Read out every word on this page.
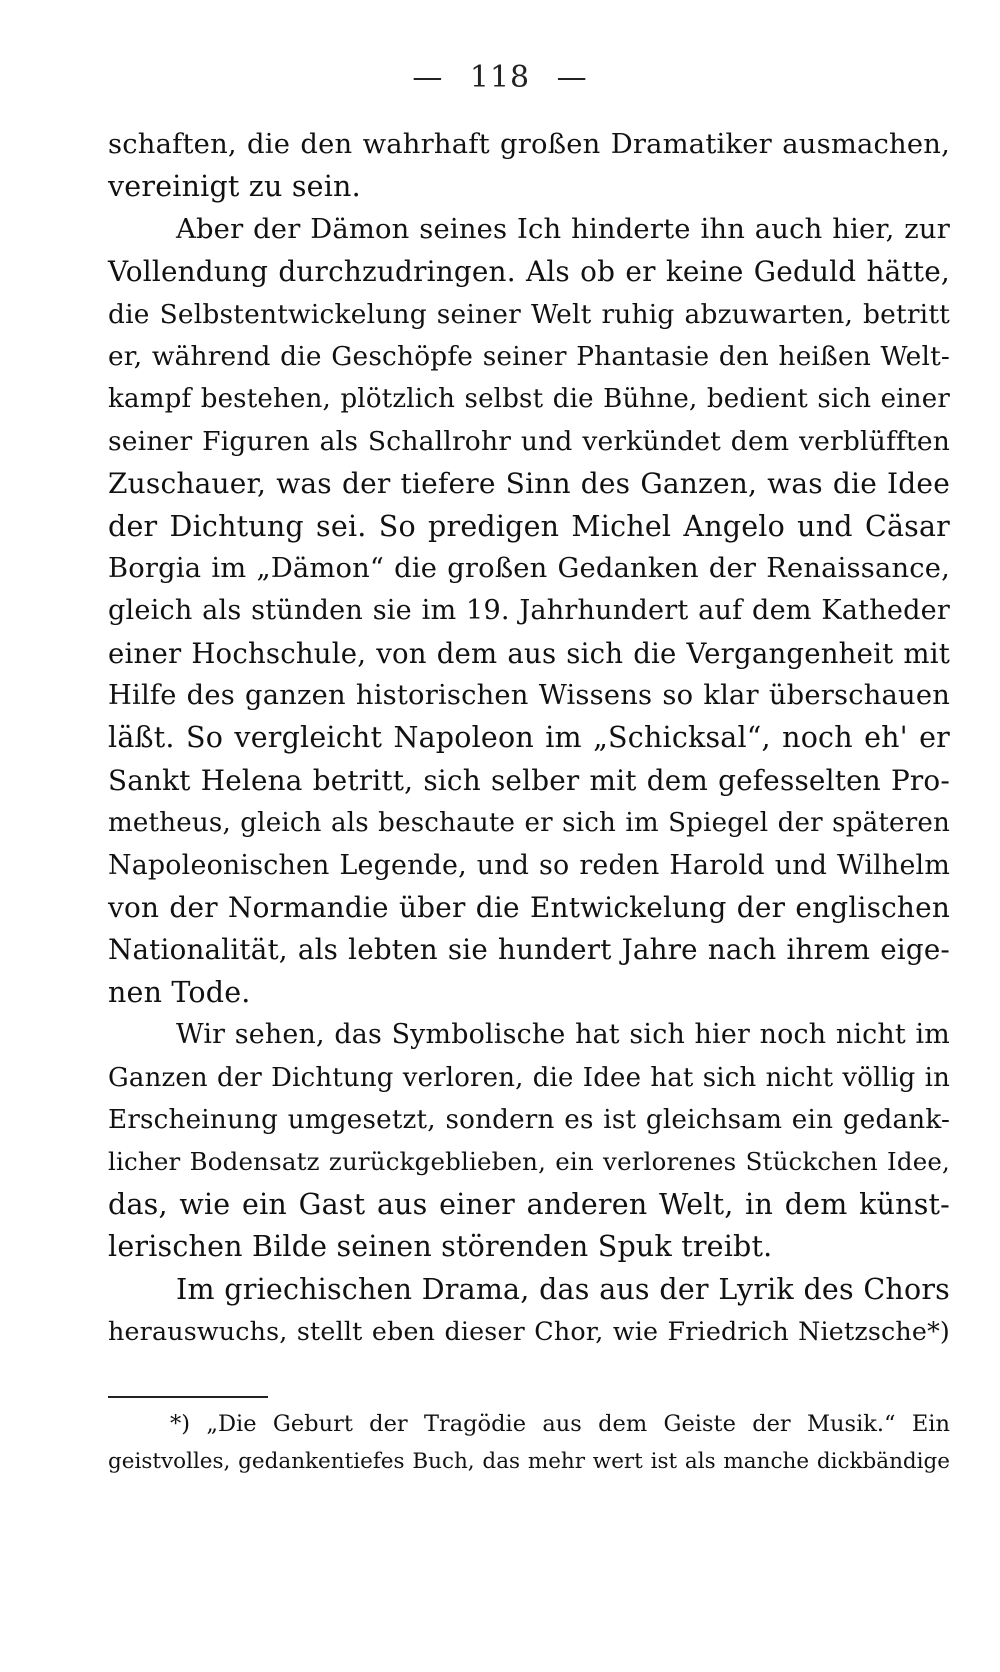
— 118 —
schaften, die den wahrhaft großen Dramatiker ausmachen,
vereinigt zu sein.
Aber der Dämon seines Ich hinderte ihn auch hier, zur
Vollendung durchzudringen. Als ob er keine Geduld hätte,
die Selbstentwickelung seiner Welt ruhig abzuwarten, betritt
er, während die Geschöpfe seiner Phantasie den heißen Welt-
kampf bestehen, plötzlich selbst die Bühne, bedient sich einer
seiner Figuren als Schallrohr und verkündet dem verblüfften
Zuschauer, was der tiefere Sinn des Ganzen, was die Idee
der Dichtung sei. So predigen Michel Angelo und Cäsar
Borgia im „Dämon“ die großen Gedanken der Renaissance,
gleich als stünden sie im 19. Jahrhundert auf dem Katheder
einer Hochschule, von dem aus sich die Vergangenheit mit
Hilfe des ganzen historischen Wissens so klar überschauen
läßt. So vergleicht Napoleon im „Schicksal“, noch eh' er
Sankt Helena betritt, sich selber mit dem gefesselten Pro-
metheus, gleich als beschaute er sich im Spiegel der späteren
Napoleonischen Legende, und so reden Harold und Wilhelm
von der Normandie über die Entwickelung der englischen
Nationalität, als lebten sie hundert Jahre nach ihrem eige-
nen Tode.
Wir sehen, das Symbolische hat sich hier noch nicht im
Ganzen der Dichtung verloren, die Idee hat sich nicht völlig in
Erscheinung umgesetzt, sondern es ist gleichsam ein gedank-
licher Bodensatz zurückgeblieben, ein verlorenes Stückchen Idee,
das, wie ein Gast aus einer anderen Welt, in dem künst-
lerischen Bilde seinen störenden Spuk treibt.
Im griechischen Drama, das aus der Lyrik des Chors
herauswuchs, stellt eben dieser Chor, wie Friedrich Nietzsche*)
*) „Die Geburt der Tragödie aus dem Geiste der Musik.“ Ein
geistvolles, gedankentiefes Buch, das mehr wert ist als manche dickbändige
